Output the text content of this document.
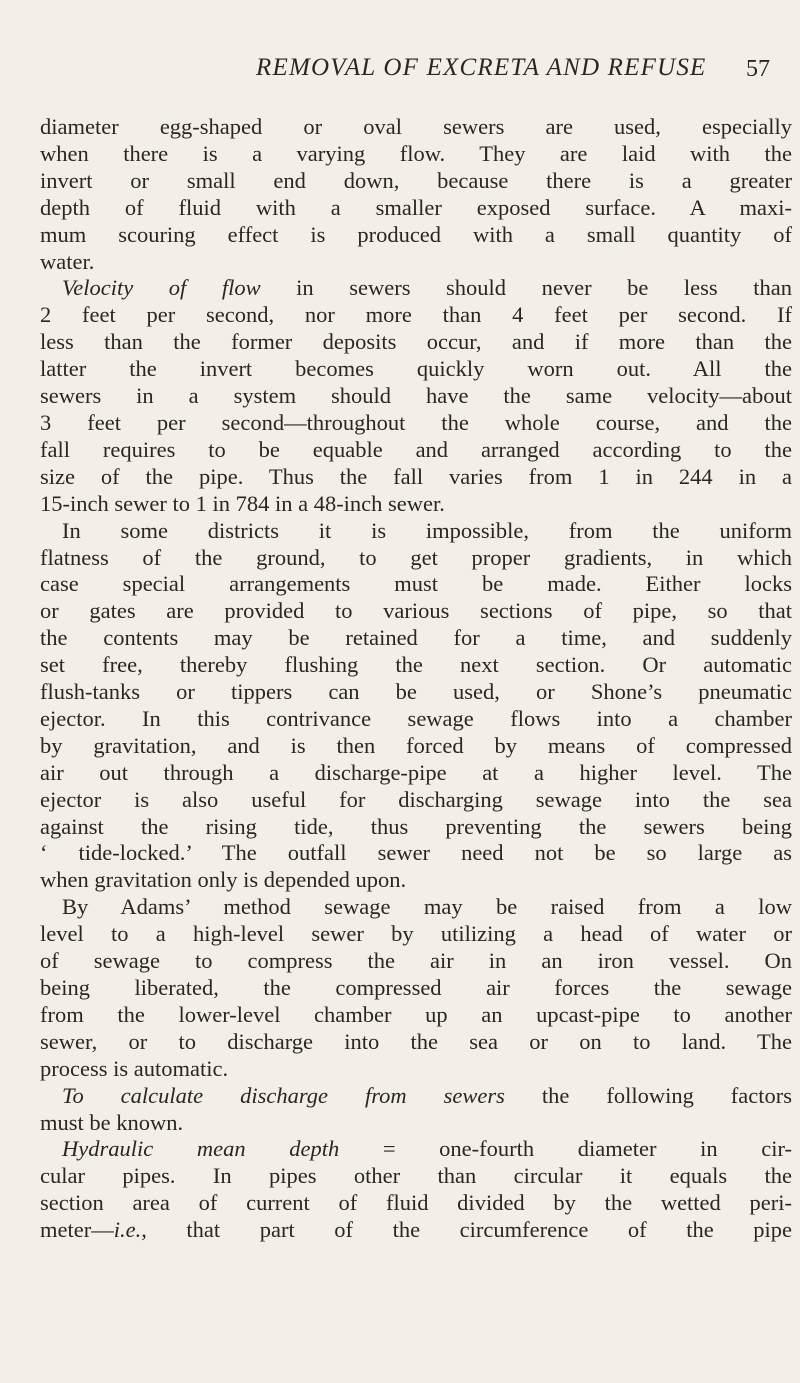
REMOVAL OF EXCRETA AND REFUSE 57
diameter egg-shaped or oval sewers are used, especially
when there is a varying flow. They are laid with the
invert or small end down, because there is a greater
depth of fluid with a smaller exposed surface. A maxi-
mum scouring effect is produced with a small quantity of
water.
Velocity of flow in sewers should never be less than
2 feet per second, nor more than 4 feet per second. If
less than the former deposits occur, and if more than the
latter the invert becomes quickly worn out. All the
sewers in a system should have the same velocity—about
3 feet per second—throughout the whole course, and the
fall requires to be equable and arranged according to the
size of the pipe. Thus the fall varies from 1 in 244 in a
15-inch sewer to 1 in 784 in a 48-inch sewer.
In some districts it is impossible, from the uniform
flatness of the ground, to get proper gradients, in which
case special arrangements must be made. Either locks
or gates are provided to various sections of pipe, so that
the contents may be retained for a time, and suddenly
set free, thereby flushing the next section. Or automatic
flush-tanks or tippers can be used, or Shone’s pneumatic
ejector. In this contrivance sewage flows into a chamber
by gravitation, and is then forced by means of compressed
air out through a discharge-pipe at a higher level. The
ejector is also useful for discharging sewage into the sea
against the rising tide, thus preventing the sewers being
‘ tide-locked.’ The outfall sewer need not be so large as
when gravitation only is depended upon.
By Adams’ method sewage may be raised from a low
level to a high-level sewer by utilizing a head of water or
of sewage to compress the air in an iron vessel. On
being liberated, the compressed air forces the sewage
from the lower-level chamber up an upcast-pipe to another
sewer, or to discharge into the sea or on to land. The
process is automatic.
To calculate discharge from sewers the following factors
must be known.
Hydraulic mean depth = one-fourth diameter in cir-
cular pipes. In pipes other than circular it equals the
section area of current of fluid divided by the wetted peri-
meter—i.e., that part of the circumference of the pipe
